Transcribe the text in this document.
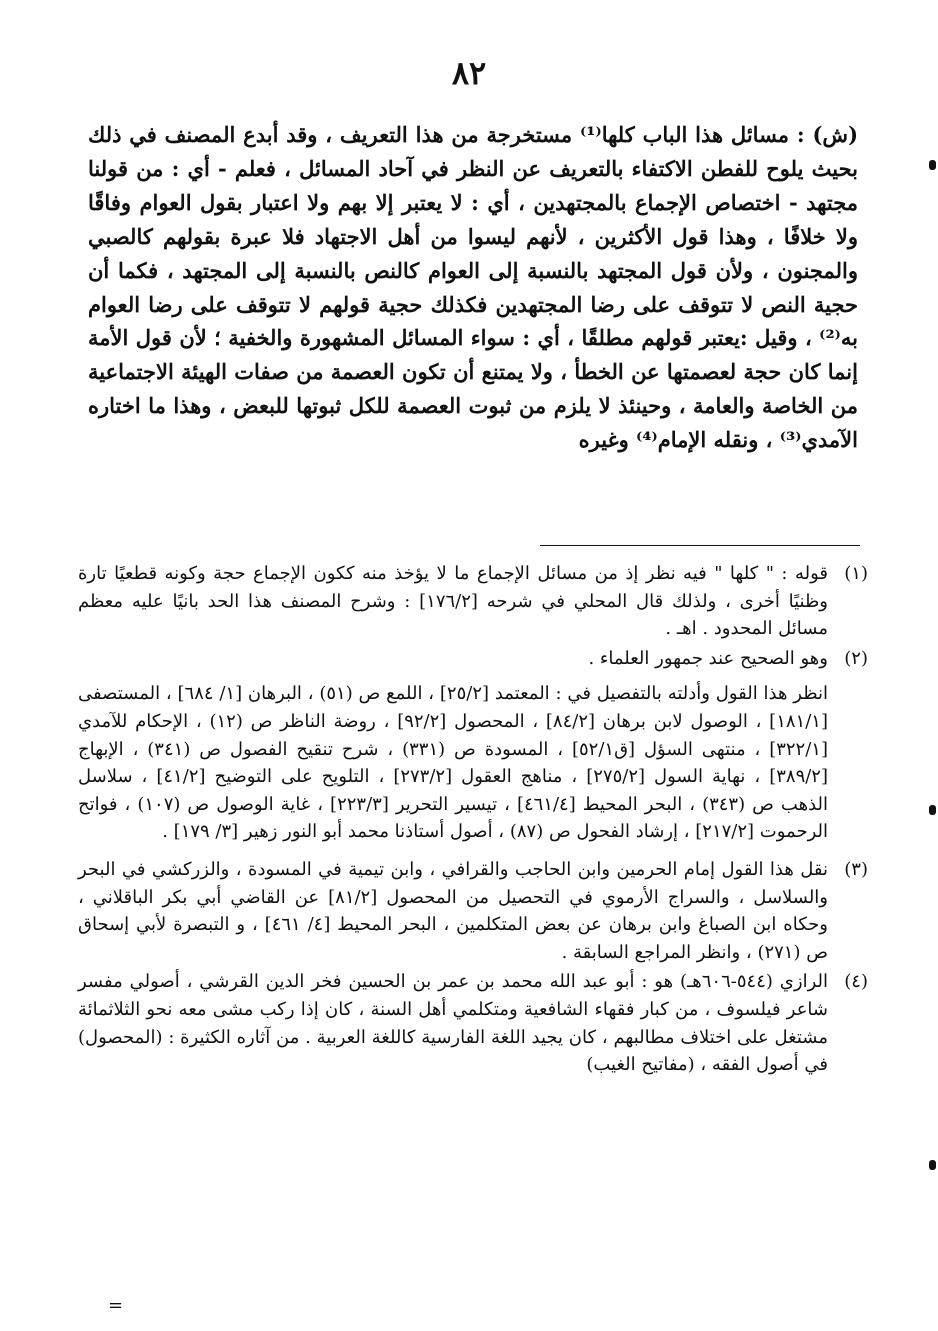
٨٢

(ش) : مسائل هذا الباب كلها⁽¹⁾ مستخرجة من هذا التعريف ، وقد أبدع المصنف في ذلك بحيث يلوح للفطن الاكتفاء بالتعريف عن النظر في آحاد المسائل ، فعلم - أي : من قولنا مجتهد - اختصاص الإجماع بالمجتهدين ، أي : لا يعتبر إلا بهم ولا اعتبار بقول العوام وفاقًا ولا خلافًا ، وهذا قول الأكثرين ، لأنهم ليسوا من أهل الاجتهاد فلا عبرة بقولهم كالصبي والمجنون ، ولأن قول المجتهد بالنسبة إلى العوام كالنص بالنسبة إلى المجتهد ، فكما أن حجية النص لا تتوقف على رضا المجتهدين فكذلك حجية قولهم لا تتوقف على رضا العوام به⁽²⁾ ، وقيل :يعتبر قولهم مطلقًا ، أي : سواء المسائل المشهورة والخفية ؛ لأن قول الأمة إنما كان حجة لعصمتها عن الخطأ ، ولا يمتنع أن تكون العصمة من صفات الهيئة الاجتماعية من الخاصة والعامة ، وحينئذ لا يلزم من ثبوت العصمة للكل ثبوتها للبعض ، وهذا ما اختاره الآمدي⁽³⁾ ، ونقله الإمام⁽⁴⁾ وغيره

(١)

قوله : " كلها " فيه نظر إذ من مسائل الإجماع ما لا يؤخذ منه ككون الإجماع حجة وكونه قطعيًا تارة وظنيًا أخرى ، ولذلك قال المحلي في شرحه [١٧٦/٢] : وشرح المصنف هذا الحد بانيًا عليه معظم مسائل المحدود . اهـ .

(٢)

وهو الصحيح عند جمهور العلماء .

انظر هذا القول وأدلته بالتفصيل في : المعتمد [٢٥/٢] ، اللمع ص (٥١) ، البرهان [١/ ٦٨٤] ، المستصفى [١٨١/١] ، الوصول لابن برهان [٨٤/٢] ، المحصول [٩٢/٢] ، روضة الناظر ص (١٢) ، الإحكام للآمدي [٣٢٢/١] ، منتهى السؤل [ق٥٢/١] ، المسودة ص (٣٣١) ، شرح تنقيح الفصول ص (٣٤١) ، الإبهاج [٣٨٩/٢] ، نهاية السول [٢٧٥/٢] ، مناهج العقول [٢٧٣/٢] ، التلويح على التوضيح [٤١/٢] ، سلاسل الذهب ص (٣٤٣) ، البحر المحيط [٤٦١/٤] ، تيسير التحرير [٢٢٣/٣] ، غاية الوصول ص (١٠٧) ، فواتح الرحموت [٢١٧/٢] ، إرشاد الفحول ص (٨٧) ، أصول أستاذنا محمد أبو النور زهير [٣/ ١٧٩] .

(٣)

نقل هذا القول إمام الحرمين وابن الحاجب والقرافي ، وابن تيمية في المسودة ، والزركشي في البحر والسلاسل ، والسراج الأرموي في التحصيل من المحصول [٨١/٢] عن القاضي أبي بكر الباقلاني ، وحكاه ابن الصباغ وابن برهان عن بعض المتكلمين ، البحر المحيط [٤/ ٤٦١] ، و التبصرة لأبي إسحاق ص (٢٧١) ، وانظر المراجع السابقة .

(٤)

الرازي (٥٤٤-٦٠٦هـ) هو : أبو عبد الله محمد بن عمر بن الحسين فخر الدين القرشي ، أصولي مفسر شاعر فيلسوف ، من كبار فقهاء الشافعية ومتكلمي أهل السنة ، كان إذا ركب مشى معه نحو الثلاثمائة مشتغل على اختلاف مطالبهم ، كان يجيد اللغة الفارسية كاللغة العربية . من آثاره الكثيرة : (المحصول) في أصول الفقه ، (مفاتيح الغيب)

=
